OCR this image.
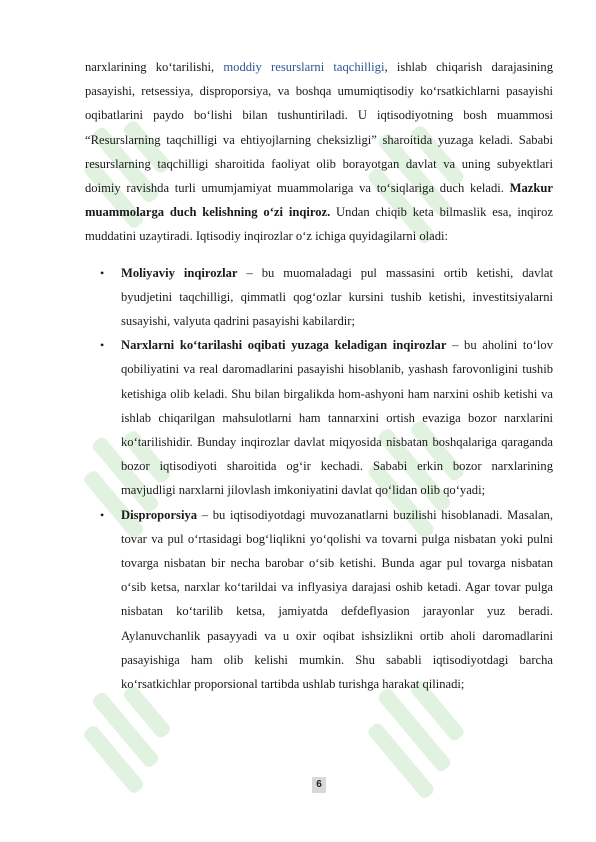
narxlarining ko‘tarilishi, moddiy resurslarni taqchilligi, ishlab chiqarish darajasining pasayishi, retsessiya, disproporsiya, va boshqa umumiqtisodiy ko‘rsatkichlarni pasayishi oqibatlarini paydo bo‘lishi bilan tushuntiriladi. U iqtisodiyotning bosh muammosi “Resurslarning taqchilligi va ehtiyojlarning cheksizligi” sharoitida yuzaga keladi. Sababi resurslarning taqchilligi sharoitida faoliyat olib borayotgan davlat va uning subyektlari doimiy ravishda turli umumjamiyat muammolariga va to‘siqlariga duch keladi. Mazkur muammolarga duch kelishning o‘zi inqiroz. Undan chiqib keta bilmaslik esa, inqiroz muddatini uzaytiradi. Iqtisodiy inqirozlar o‘z ichiga quyidagilarni oladi:

• Moliyaviy inqirozlar – bu muomaladagi pul massasini ortib ketishi, davlat byudjetini taqchilligi, qimmatli qog‘ozlar kursini tushib ketishi, investitsiyalarni susayishi, valyuta qadrini pasayishi kabilardir;
• Narxlarni ko‘tarilashi oqibati yuzaga keladigan inqirozlar – bu aholini to‘lov qobiliyatini va real daromadlarini pasayishi hisoblanib, yashash farovonligini tushib ketishiga olib keladi. Shu bilan birgalikda hom-ashyoni ham narxini oshib ketishi va ishlab chiqarilgan mahsulotlarni ham tannarxini ortish evaziga bozor narxlarini ko‘tarilishidir. Bunday inqirozlar davlat miqyosida nisbatan boshqalariga qaraganda bozor iqtisodiyoti sharoitida og‘ir kechadi. Sababi erkin bozor narxlarining mavjudligi narxlarni jilovlash imkoniyatini davlat qo‘lidan olib qo‘yadi;
• Disproporsiya – bu iqtisodiyotdagi muvozanatlarni buzilishi hisoblanadi. Masalan, tovar va pul o‘rtasidagi bog‘liqlikni yo‘qolishi va tovarni pulga nisbatan yoki pulni tovarga nisbatan bir necha barobar o‘sib ketishi. Bunda agar pul tovarga nisbatan o‘sib ketsa, narxlar ko‘tarildai va inflyasiya darajasi oshib ketadi. Agar tovar pulga nisbatan ko‘tarilib ketsa, jamiyatda defdeflyasion jarayonlar yuz beradi. Aylanuvchanlik pasayyadi va u oxir oqibat ishsizlikni ortib aholi daromadlarini pasayishiga ham olib kelishi mumkin. Shu sababli iqtisodiyotdagi barcha ko‘rsatkichlar proporsional tartibda ushlab turishga harakat qilinadi;
6
